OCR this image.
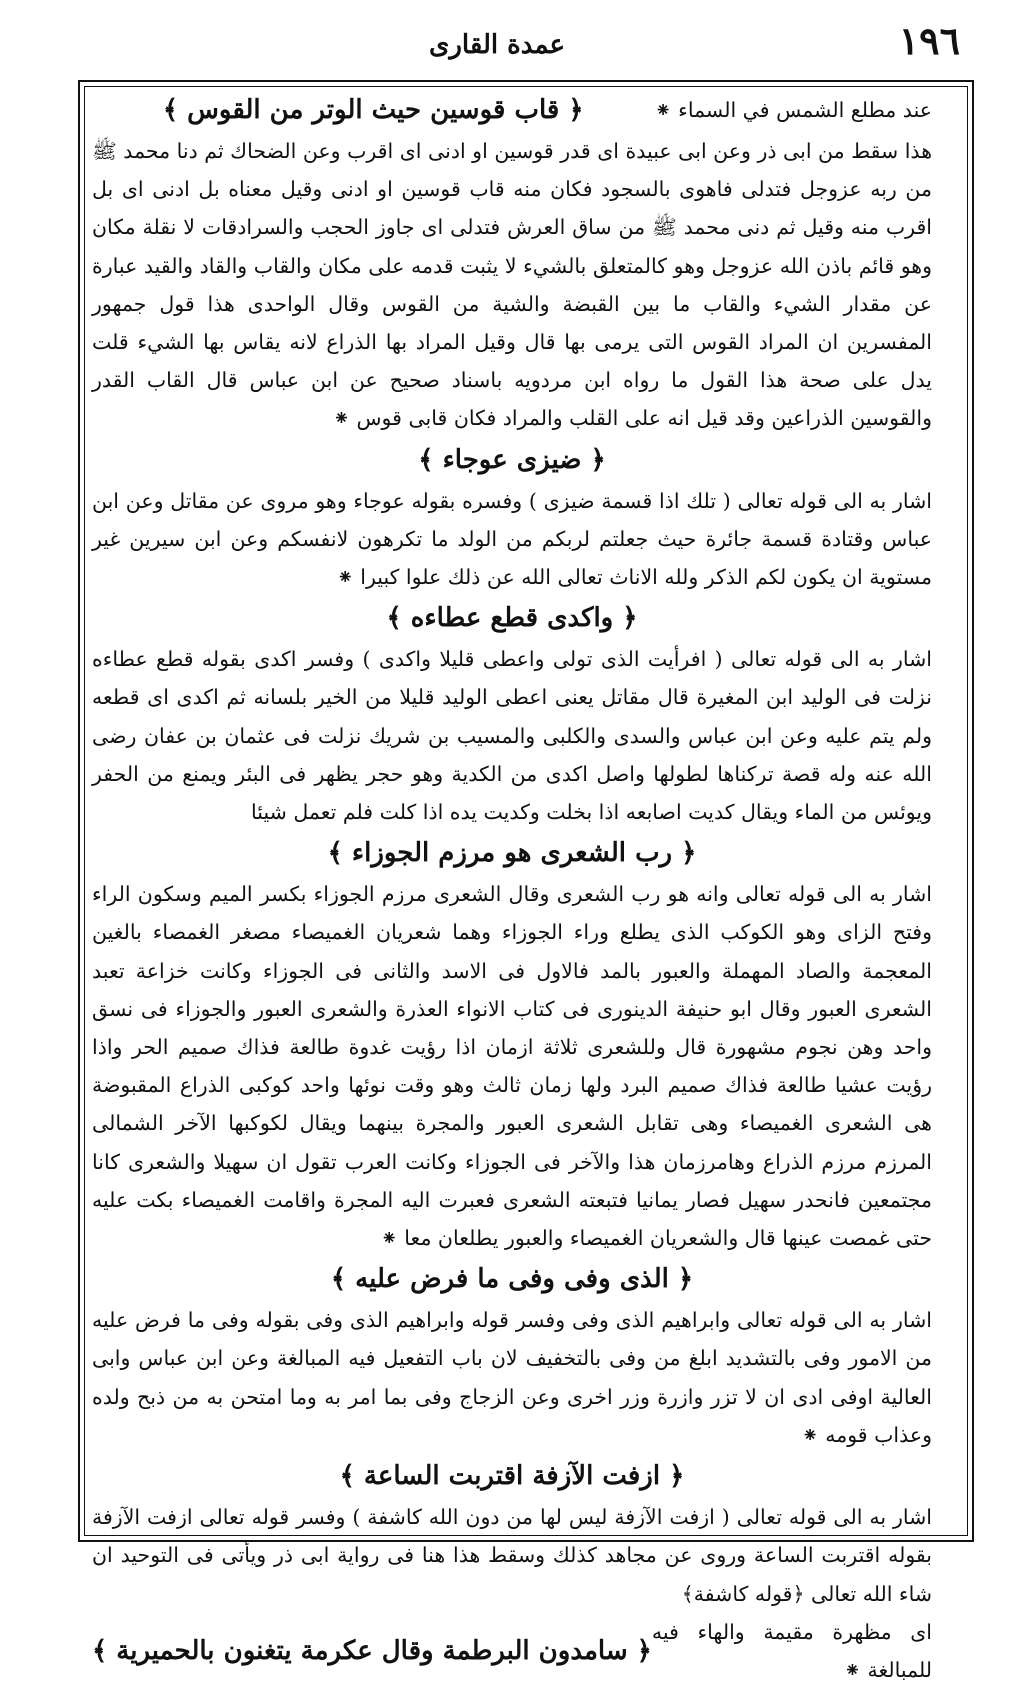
١٩٦
عمدة القارى
عند مطلع الشمس في السماء ⁕
﴿ قاب قوسين حيث الوتر من القوس ﴾

هذا سقط من ابى ذر وعن ابى عبيدة اى قدر قوسين او ادنى اى اقرب وعن الضحاك ثم دنا محمد ﷺ من ربه عزوجل فتدلى فاهوى بالسجود فكان منه قاب قوسين او ادنى وقيل معناه بل ادنى اى بل اقرب منه وقيل ثم دنى محمد ﷺ من ساق العرش فتدلى اى جاوز الحجب والسرادقات لا نقلة مكان وهو قائم باذن الله عزوجل وهو كالمتعلق بالشيء لا يثبت قدمه على مكان والقاب والقاد والقيد عبارة عن مقدار الشيء والقاب ما بين القبضة والشية من القوس وقال الواحدى هذا قول جمهور المفسرين ان المراد القوس التى يرمى بها قال وقيل المراد بها الذراع لانه يقاس بها الشيء قلت يدل على صحة هذا القول ما رواه ابن مردويه باسناد صحيح عن ابن عباس قال القاب القدر والقوسين الذراعين وقد قيل انه على القلب والمراد فكان قابى قوس ⁕

﴿ ضيزى عوجاء ﴾

اشار به الى قوله تعالى ( تلك اذا قسمة ضيزى ) وفسره بقوله عوجاء وهو مروى عن مقاتل وعن ابن عباس وقتادة قسمة جائرة حيث جعلتم لربكم من الولد ما تكرهون لانفسكم وعن ابن سيرين غير مستوية ان يكون لكم الذكر ولله الاناث تعالى الله عن ذلك علوا كبيرا ⁕

﴿ واكدى قطع عطاءه ﴾

اشار به الى قوله تعالى ( افرأيت الذى تولى واعطى قليلا واكدى ) وفسر اكدى بقوله قطع عطاءه نزلت فى الوليد ابن المغيرة قال مقاتل يعنى اعطى الوليد قليلا من الخير بلسانه ثم اكدى اى قطعه ولم يتم عليه وعن ابن عباس والسدى والكلبى والمسيب بن شريك نزلت فى عثمان بن عفان رضى الله عنه وله قصة تركناها لطولها واصل اكدى من الكدية وهو حجر يظهر فى البئر ويمنع من الحفر ويوئس من الماء ويقال كديت اصابعه اذا بخلت وكديت يده اذا كلت فلم تعمل شيئا

﴿ رب الشعرى هو مرزم الجوزاء ﴾

اشار به الى قوله تعالى وانه هو رب الشعرى وقال الشعرى مرزم الجوزاء بكسر الميم وسكون الراء وفتح الزاى وهو الكوكب الذى يطلع وراء الجوزاء وهما شعريان الغميصاء مصغر الغمصاء بالغين المعجمة والصاد المهملة والعبور بالمد فالاول فى الاسد والثانى فى الجوزاء وكانت خزاعة تعبد الشعرى العبور وقال ابو حنيفة الدينورى فى كتاب الانواء العذرة والشعرى العبور والجوزاء فى نسق واحد وهن نجوم مشهورة قال وللشعرى ثلاثة ازمان اذا رؤيت غدوة طالعة فذاك صميم الحر واذا رؤيت عشيا طالعة فذاك صميم البرد ولها زمان ثالث وهو وقت نوئها واحد كوكبى الذراع المقبوضة هى الشعرى الغميصاء وهى تقابل الشعرى العبور والمجرة بينهما ويقال لكوكبها الآخر الشمالى المرزم مرزم الذراع وهامرزمان هذا والآخر فى الجوزاء وكانت العرب تقول ان سهيلا والشعرى كانا مجتمعين فانحدر سهيل فصار يمانيا فتبعته الشعرى فعبرت اليه المجرة واقامت الغميصاء بكت عليه حتى غمصت عينها قال والشعريان الغميصاء والعبور يطلعان معا ⁕

﴿ الذى وفى وفى ما فرض عليه ﴾

اشار به الى قوله تعالى وابراهيم الذى وفى وفسر قوله وابراهيم الذى وفى بقوله وفى ما فرض عليه من الامور وفى بالتشديد ابلغ من وفى بالتخفيف لان باب التفعيل فيه المبالغة وعن ابن عباس وابى العالية اوفى ادى ان لا تزر وازرة وزر اخرى وعن الزجاج وفى بما امر به وما امتحن به من ذبح ولده وعذاب قومه ⁕

﴿ ازفت الآزفة اقتربت الساعة ﴾

اشار به الى قوله تعالى ( ازفت الآزفة ليس لها من دون الله كاشفة ) وفسر قوله تعالى ازفت الآزفة بقوله اقتربت الساعة وروى عن مجاهد كذلك وسقط هذا هنا فى رواية ابى ذر ويأتى فى التوحيد ان شاء الله تعالى ﴿قوله كاشفة﴾

اى مظهرة مقيمة والهاء فيه للمبالغة ⁕
﴿ سامدون البرطمة وقال عكرمة يتغنون بالحميرية ﴾
